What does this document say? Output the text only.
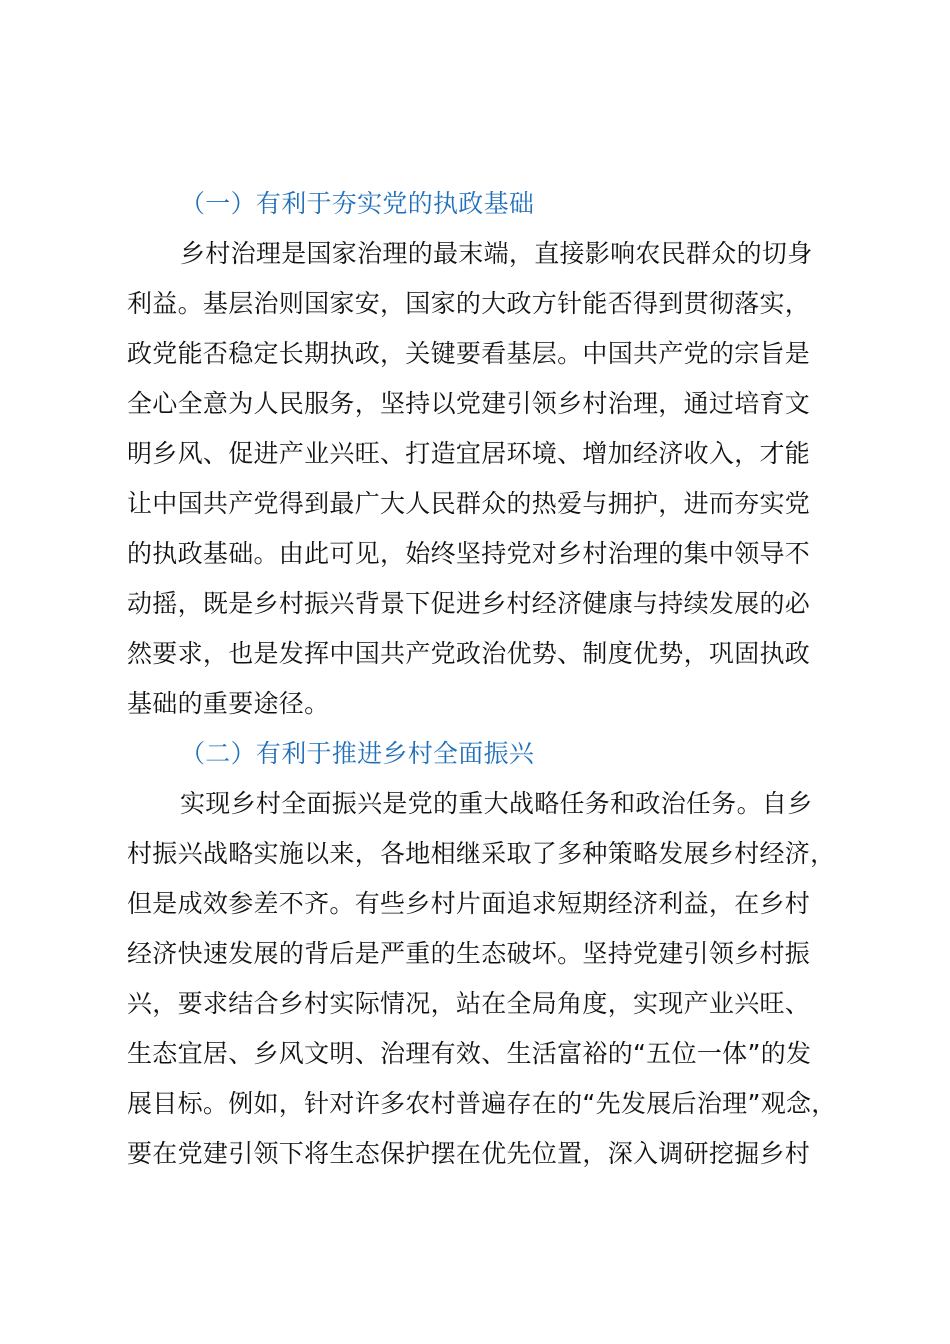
（一）有利于夯实党的执政基础
乡村治理是国家治理的最末端，直接影响农民群众的切身
利益。基层治则国家安，国家的大政方针能否得到贯彻落实，
政党能否稳定长期执政，关键要看基层。中国共产党的宗旨是
全心全意为人民服务，坚持以党建引领乡村治理，通过培育文
明乡风、促进产业兴旺、打造宜居环境、增加经济收入，才能
让中国共产党得到最广大人民群众的热爱与拥护，进而夯实党
的执政基础。由此可见，始终坚持党对乡村治理的集中领导不
动摇，既是乡村振兴背景下促进乡村经济健康与持续发展的必
然要求，也是发挥中国共产党政治优势、制度优势，巩固执政
基础的重要途径。
（二）有利于推进乡村全面振兴
实现乡村全面振兴是党的重大战略任务和政治任务。自乡
村振兴战略实施以来，各地相继采取了多种策略发展乡村经济，
但是成效参差不齐。有些乡村片面追求短期经济利益，在乡村
经济快速发展的背后是严重的生态破坏。坚持党建引领乡村振
兴，要求结合乡村实际情况，站在全局角度，实现产业兴旺、
生态宜居、乡风文明、治理有效、生活富裕的“五位一体”的发
展目标。例如，针对许多农村普遍存在的“先发展后治理”观念，
要在党建引领下将生态保护摆在优先位置，深入调研挖掘乡村
